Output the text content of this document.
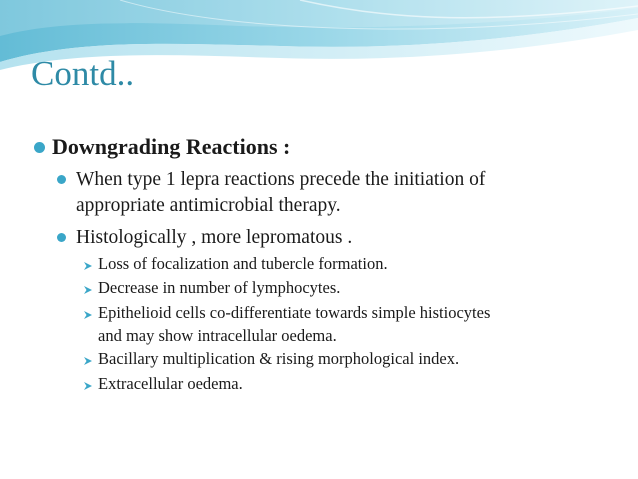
Contd..
Downgrading Reactions :
When type 1 lepra reactions precede the initiation of
appropriate antimicrobial therapy.
Histologically , more lepromatous .
Loss of focalization and tubercle formation.
Decrease in number of lymphocytes.
Epithelioid cells co-differentiate towards simple histiocytes
and may show intracellular oedema.
Bacillary multiplication & rising morphological index.
Extracellular oedema.
